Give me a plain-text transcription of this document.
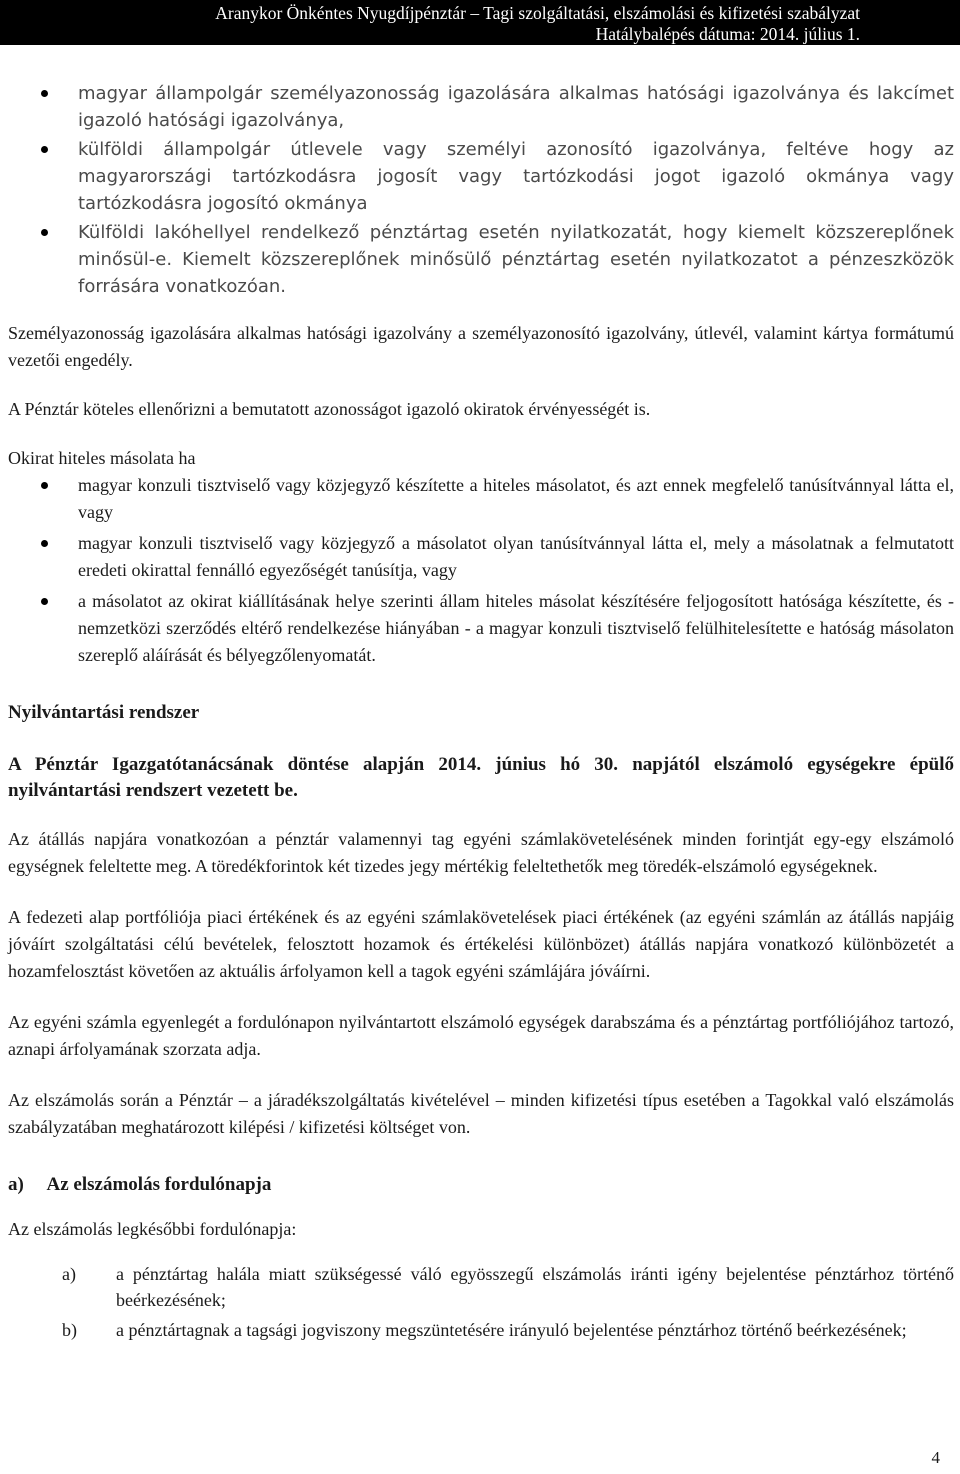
Aranykor Önkéntes Nyugdíjpénztár – Tagi szolgáltatási, elszámolási és kifizetési szabályzat
Hatálybalépés dátuma: 2014. július 1.
magyar állampolgár személyazonosság igazolására alkalmas hatósági igazolványa és lakcímet igazoló hatósági igazolványa,
külföldi állampolgár útlevele vagy személyi azonosító igazolványa, feltéve hogy az magyarországi tartózkodásra jogosít vagy tartózkodási jogot igazoló okmánya vagy tartózkodásra jogosító okmánya
Külföldi lakóhellyel rendelkező pénztártag esetén nyilatkozatát, hogy kiemelt közszereplőnek minősül-e. Kiemelt közszereplőnek minősülő pénztártag esetén nyilatkozatot a pénzeszközök forrására vonatkozóan.

Személyazonosság igazolására alkalmas hatósági igazolvány a személyazonosító igazolvány, útlevél, valamint kártya formátumú vezetői engedély.

A Pénztár köteles ellenőrizni a bemutatott azonosságot igazoló okiratok érvényességét is.

Okirat hiteles másolata ha

magyar konzuli tisztviselő vagy közjegyző készítette a hiteles másolatot, és azt ennek megfelelő tanúsítvánnyal látta el, vagy
magyar konzuli tisztviselő vagy közjegyző a másolatot olyan tanúsítvánnyal látta el, mely a másolatnak a felmutatott eredeti okirattal fennálló egyezőségét tanúsítja, vagy
a másolatot az okirat kiállításának helye szerinti állam hiteles másolat készítésére feljogosított hatósága készítette, és - nemzetközi szerződés eltérő rendelkezése hiányában - a magyar konzuli tisztviselő felülhitelesítette e hatóság másolaton szereplő aláírását és bélyegzőlenyomatát.

Nyilvántartási rendszer

A Pénztár Igazgatótanácsának döntése alapján 2014. június hó 30. napjától elszámoló egységekre épülő nyilvántartási rendszert vezetett be.

Az átállás napjára vonatkozóan a pénztár valamennyi tag egyéni számlakövetelésének minden forintját egy-egy elszámoló egységnek feleltette meg. A töredékforintok két tizedes jegy mértékig feleltethetők meg töredék-elszámoló egységeknek.

A fedezeti alap portfóliója piaci értékének és az egyéni számlakövetelések piaci értékének (az egyéni számlán az átállás napjáig jóváírt szolgáltatási célú bevételek, felosztott hozamok és értékelési különbözet) átállás napjára vonatkozó különbözetét a hozamfelosztást követően az aktuális árfolyamon kell a tagok egyéni számlájára jóváírni.

Az egyéni számla egyenlegét a fordulónapon nyilvántartott elszámoló egységek darabszáma és a pénztártag portfóliójához tartozó, aznapi árfolyamának szorzata adja.

Az elszámolás során a Pénztár – a járadékszolgáltatás kivételével – minden kifizetési típus esetében a Tagokkal való elszámolás szabályzatában meghatározott kilépési / kifizetési költséget von.

a)  Az elszámolás fordulónapja

Az elszámolás legkésőbbi fordulónapja:

a) a pénztártag halála miatt szükségessé váló egyösszegű elszámolás iránti igény bejelentése pénztárhoz történő beérkezésének;
b) a pénztártagnak a tagsági jogviszony megszüntetésére irányuló bejelentése pénztárhoz történő beérkezésének;
4
